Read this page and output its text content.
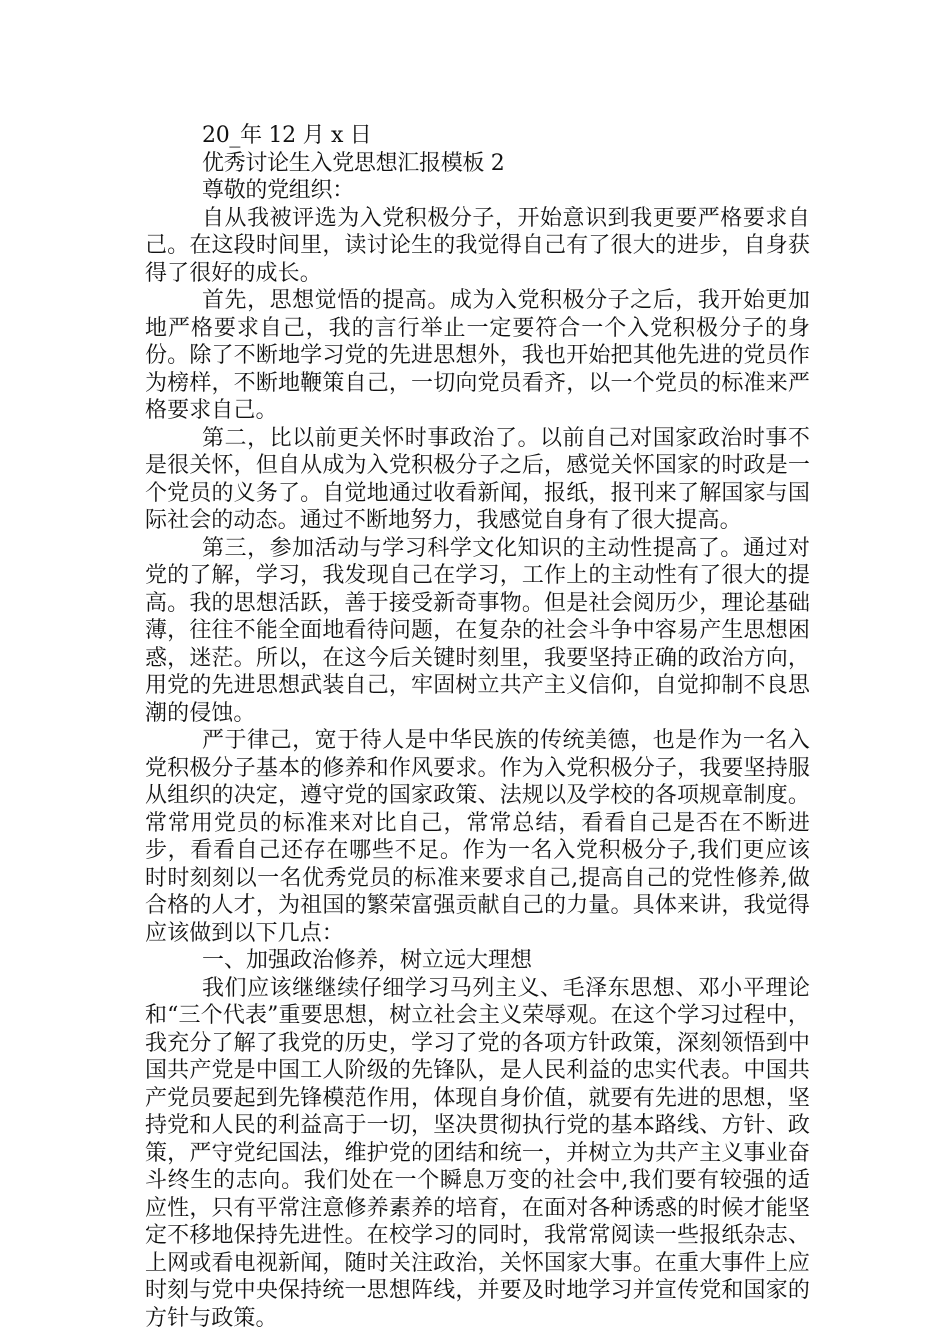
20_年 12 月 x 日
优秀讨论生入党思想汇报模板 2
尊敬的党组织：

自从我被评选为入党积极分子，开始意识到我更要严格要求自己。在这段时间里，读讨论生的我觉得自己有了很大的进步，自身获得了很好的成长。

首先，思想觉悟的提高。成为入党积极分子之后，我开始更加地严格要求自己，我的言行举止一定要符合一个入党积极分子的身份。除了不断地学习党的先进思想外，我也开始把其他先进的党员作为榜样，不断地鞭策自己，一切向党员看齐，以一个党员的标准来严格要求自己。

第二，比以前更关怀时事政治了。以前自己对国家政治时事不是很关怀，但自从成为入党积极分子之后，感觉关怀国家的时政是一个党员的义务了。自觉地通过收看新闻，报纸，报刊来了解国家与国际社会的动态。通过不断地努力，我感觉自身有了很大提高。

第三，参加活动与学习科学文化知识的主动性提高了。通过对党的了解，学习，我发现自己在学习，工作上的主动性有了很大的提高。我的思想活跃，善于接受新奇事物。但是社会阅历少，理论基础薄，往往不能全面地看待问题，在复杂的社会斗争中容易产生思想困惑，迷茫。所以，在这今后关键时刻里，我要坚持正确的政治方向，用党的先进思想武装自己，牢固树立共产主义信仰，自觉抑制不良思潮的侵蚀。

严于律己，宽于待人是中华民族的传统美德，也是作为一名入党积极分子基本的修养和作风要求。作为入党积极分子，我要坚持服从组织的决定，遵守党的国家政策、法规以及学校的各项规章制度。常常用党员的标准来对比自己，常常总结，看看自己是否在不断进步，看看自己还存在哪些不足。作为一名入党积极分子,我们更应该时时刻刻以一名优秀党员的标准来要求自己,提高自己的党性修养,做合格的人才，为祖国的繁荣富强贡献自己的力量。具体来讲，我觉得应该做到以下几点：

一、加强政治修养，树立远大理想

我们应该继继续仔细学习马列主义、毛泽东思想、邓小平理论和“三个代表”重要思想，树立社会主义荣辱观。在这个学习过程中，我充分了解了我党的历史，学习了党的各项方针政策，深刻领悟到中国共产党是中国工人阶级的先锋队，是人民利益的忠实代表。中国共产党员要起到先锋模范作用，体现自身价值，就要有先进的思想，坚持党和人民的利益高于一切，坚决贯彻执行党的基本路线、方针、政策，严守党纪国法，维护党的团结和统一，并树立为共产主义事业奋斗终生的志向。我们处在一个瞬息万变的社会中,我们要有较强的适应性，只有平常注意修养素养的培育，在面对各种诱惑的时候才能坚定不移地保持先进性。在校学习的同时，我常常阅读一些报纸杂志、上网或看电视新闻，随时关注政治，关怀国家大事。在重大事件上应时刻与党中央保持统一思想阵线，并要及时地学习并宣传党和国家的方针与政策。
